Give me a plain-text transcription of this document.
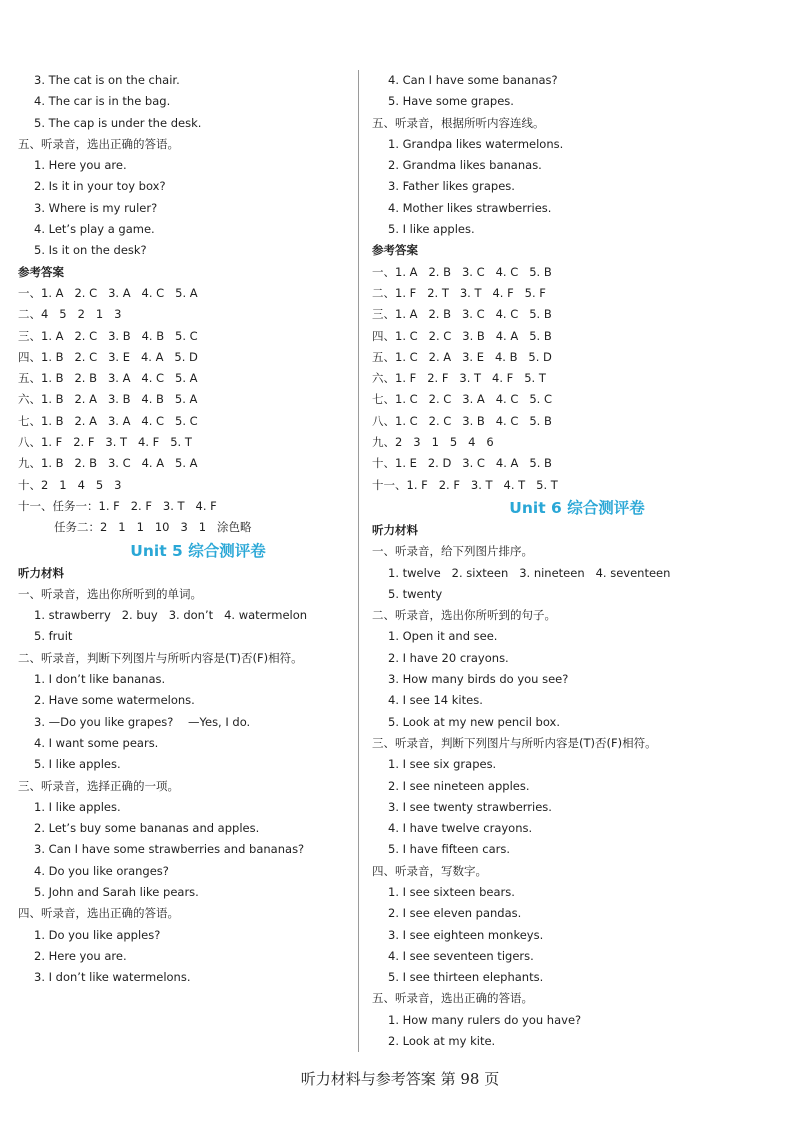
3. The cat is on the chair.
4. The car is in the bag.
5. The cap is under the desk.
五、听录音，选出正确的答语。
1. Here you are.
2. Is it in your toy box?
3. Where is my ruler?
4. Let’s play a game.
5. Is it on the desk?
参考答案
一、1. A   2. C   3. A   4. C   5. A
二、4   5   2   1   3
三、1. A   2. C   3. B   4. B   5. C
四、1. B   2. C   3. E   4. A   5. D
五、1. B   2. B   3. A   4. C   5. A
六、1. B   2. A   3. B   4. B   5. A
七、1. B   2. A   3. A   4. C   5. C
八、1. F   2. F   3. T   4. F   5. T
九、1. B   2. B   3. C   4. A   5. A
十、2   1   4   5   3
十一、任务一：1. F   2. F   3. T   4. F
任务二：2   1   1   10   3   1   涂色略
Unit 5 综合测评卷
听力材料
一、听录音，选出你所听到的单词。
1. strawberry   2. buy   3. don’t   4. watermelon
5. fruit
二、听录音，判断下列图片与所听内容是(T)否(F)相符。
1. I don’t like bananas.
2. Have some watermelons.
3. —Do you like grapes?    —Yes, I do.
4. I want some pears.
5. I like apples.
三、听录音，选择正确的一项。
1. I like apples.
2. Let’s buy some bananas and apples.
3. Can I have some strawberries and bananas?
4. Do you like oranges?
5. John and Sarah like pears.
四、听录音，选出正确的答语。
1. Do you like apples?
2. Here you are.
3. I don’t like watermelons.
4. Can I have some bananas?
5. Have some grapes.
五、听录音，根据所听内容连线。
1. Grandpa likes watermelons.
2. Grandma likes bananas.
3. Father likes grapes.
4. Mother likes strawberries.
5. I like apples.
参考答案
一、1. A   2. B   3. C   4. C   5. B
二、1. F   2. T   3. T   4. F   5. F
三、1. A   2. B   3. C   4. C   5. B
四、1. C   2. C   3. B   4. A   5. B
五、1. C   2. A   3. E   4. B   5. D
六、1. F   2. F   3. T   4. F   5. T
七、1. C   2. C   3. A   4. C   5. C
八、1. C   2. C   3. B   4. C   5. B
九、2   3   1   5   4   6
十、1. E   2. D   3. C   4. A   5. B
十一、1. F   2. F   3. T   4. T   5. T
Unit 6 综合测评卷
听力材料
一、听录音，给下列图片排序。
1. twelve   2. sixteen   3. nineteen   4. seventeen
5. twenty
二、听录音，选出你所听到的句子。
1. Open it and see.
2. I have 20 crayons.
3. How many birds do you see?
4. I see 14 kites.
5. Look at my new pencil box.
三、听录音，判断下列图片与所听内容是(T)否(F)相符。
1. I see six grapes.
2. I see nineteen apples.
3. I see twenty strawberries.
4. I have twelve crayons.
5. I have fifteen cars.
四、听录音，写数字。
1. I see sixteen bears.
2. I see eleven pandas.
3. I see eighteen monkeys.
4. I see seventeen tigers.
5. I see thirteen elephants.
五、听录音，选出正确的答语。
1. How many rulers do you have?
2. Look at my kite.
听力材料与参考答案 第 98 页
